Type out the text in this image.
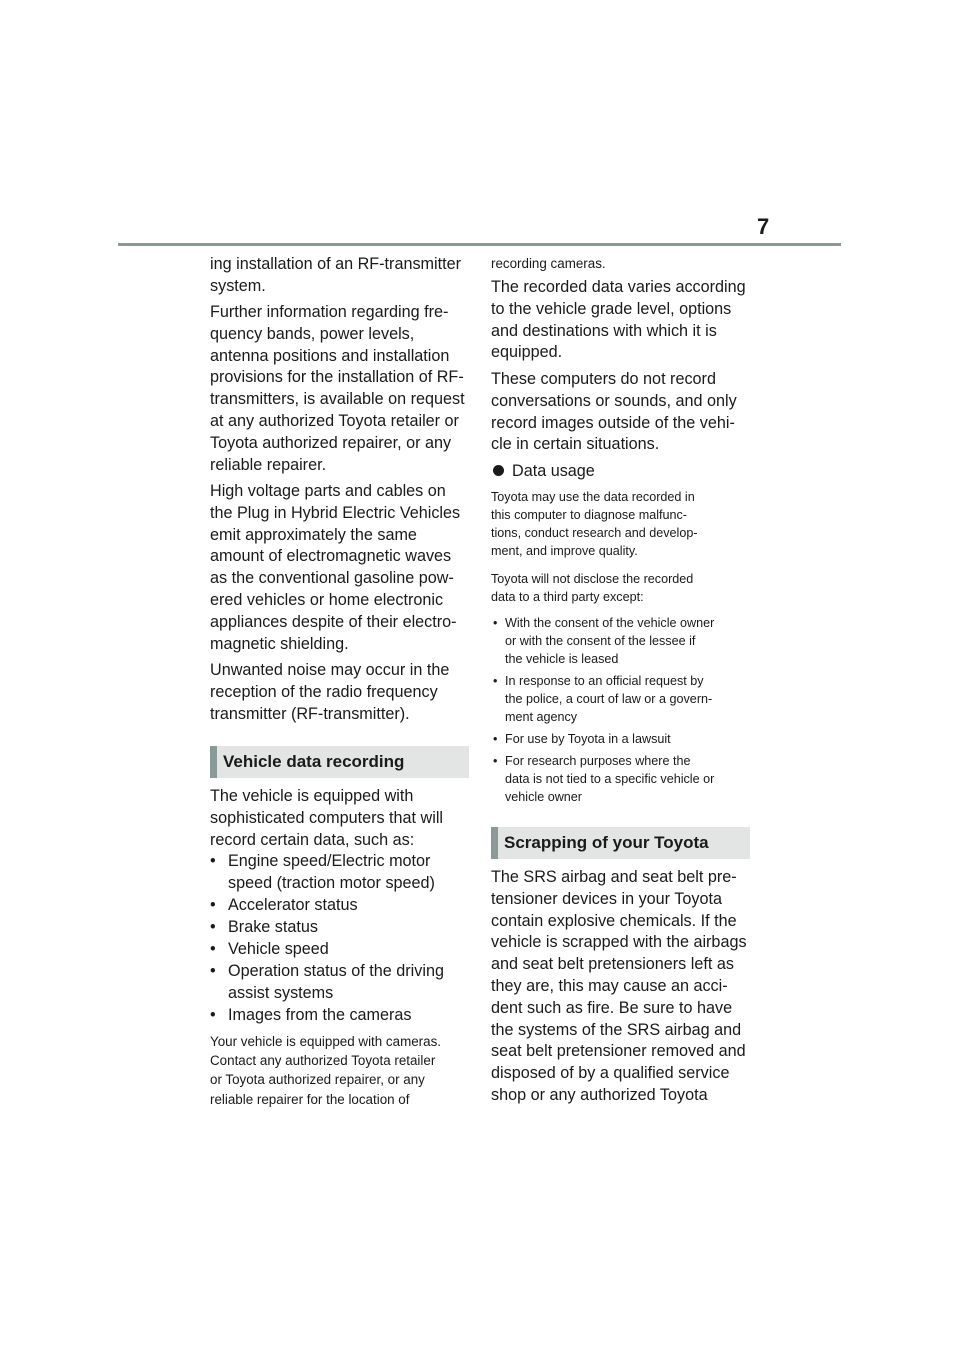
7

ing installation of an RF-transmitter
system.

Further information regarding fre-
quency bands, power levels,
antenna positions and installation
provisions for the installation of RF-
transmitters, is available on request
at any authorized Toyota retailer or
Toyota authorized repairer, or any
reliable repairer.

High voltage parts and cables on
the Plug in Hybrid Electric Vehicles
emit approximately the same
amount of electromagnetic waves
as the conventional gasoline pow-
ered vehicles or home electronic
appliances despite of their electro-
magnetic shielding.

Unwanted noise may occur in the
reception of the radio frequency
transmitter (RF-transmitter).

Vehicle data recording

The vehicle is equipped with
sophisticated computers that will
record certain data, such as:

• Engine speed/Electric motor
speed (traction motor speed)
• Accelerator status
• Brake status
• Vehicle speed
• Operation status of the driving
assist systems
• Images from the cameras

Your vehicle is equipped with cameras.
Contact any authorized Toyota retailer
or Toyota authorized repairer, or any
reliable repairer for the location of

recording cameras.

The recorded data varies according
to the vehicle grade level, options
and destinations with which it is
equipped.

These computers do not record
conversations or sounds, and only
record images outside of the vehi-
cle in certain situations.

Data usage

Toyota may use the data recorded in
this computer to diagnose malfunc-
tions, conduct research and develop-
ment, and improve quality.

Toyota will not disclose the recorded
data to a third party except:

• With the consent of the vehicle owner
or with the consent of the lessee if
the vehicle is leased
• In response to an official request by
the police, a court of law or a govern-
ment agency
• For use by Toyota in a lawsuit
• For research purposes where the
data is not tied to a specific vehicle or
vehicle owner
Scrapping of your Toyota

The SRS airbag and seat belt pre-
tensioner devices in your Toyota
contain explosive chemicals. If the
vehicle is scrapped with the airbags
and seat belt pretensioners left as
they are, this may cause an acci-
dent such as fire. Be sure to have
the systems of the SRS airbag and
seat belt pretensioner removed and
disposed of by a qualified service
shop or any authorized Toyota
